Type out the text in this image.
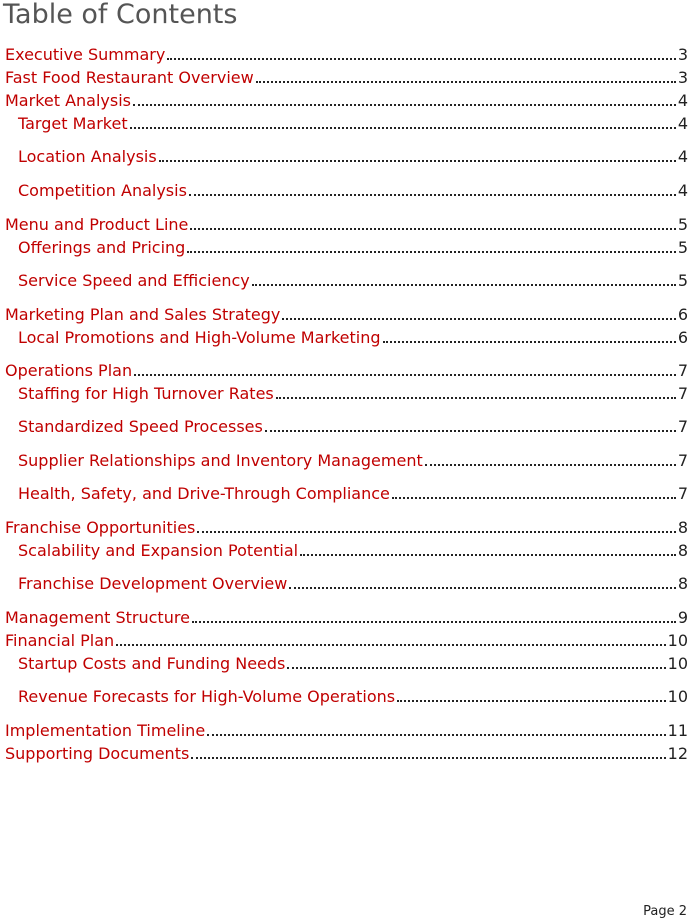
Table of Contents
Executive Summary	3
Fast Food Restaurant Overview	3
Market Analysis	4
Target Market	4
Location Analysis	4
Competition Analysis	4
Menu and Product Line	5
Offerings and Pricing	5
Service Speed and Efficiency	5
Marketing Plan and Sales Strategy	6
Local Promotions and High-Volume Marketing	6
Operations Plan	7
Staffing for High Turnover Rates	7
Standardized Speed Processes	7
Supplier Relationships and Inventory Management	7
Health, Safety, and Drive-Through Compliance	7
Franchise Opportunities	8
Scalability and Expansion Potential	8
Franchise Development Overview	8
Management Structure	9
Financial Plan	10
Startup Costs and Funding Needs	10
Revenue Forecasts for High-Volume Operations	10
Implementation Timeline	11
Supporting Documents	12
Page 2
